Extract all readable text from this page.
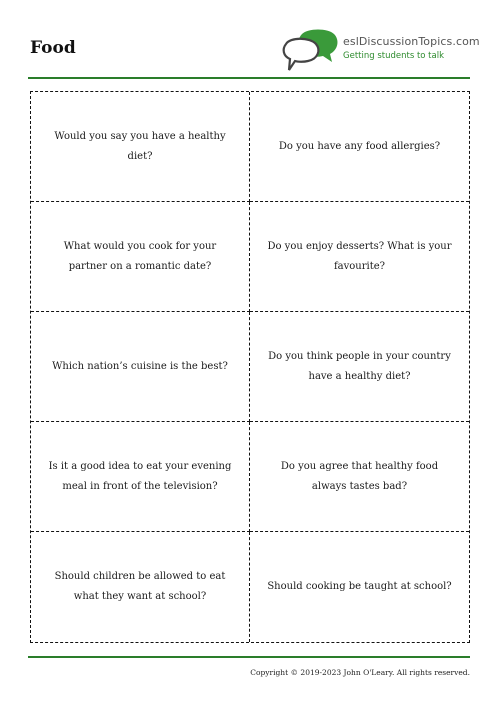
Food	eslDiscussionTopics.com
Getting students to talk
Would you say you have a healthy diet?
Do you have any food allergies?
What would you cook for your partner on a romantic date?
Do you enjoy desserts? What is your favourite?
Which nation’s cuisine is the best?
Do you think people in your country have a healthy diet?
Is it a good idea to eat your evening meal in front of the television?
Do you agree that healthy food always tastes bad?
Should children be allowed to eat what they want at school?
Should cooking be taught at school?
Copyright © 2019-2023 John O'Leary. All rights reserved.
